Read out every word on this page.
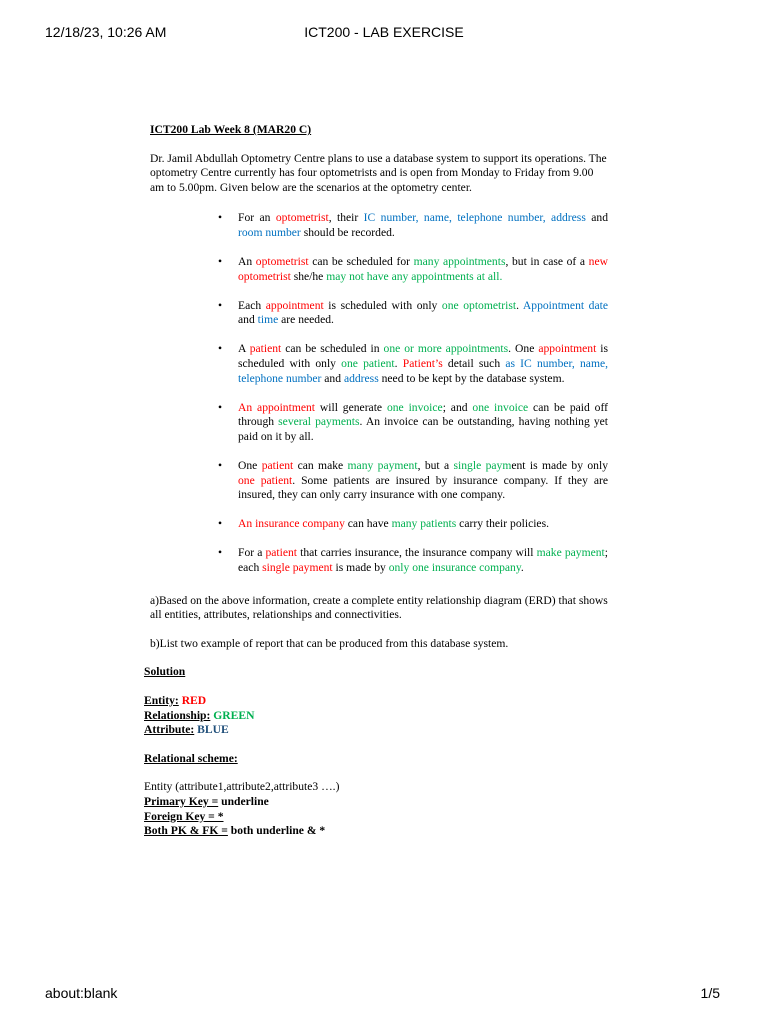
12/18/23, 10:26 AM	ICT200 - LAB EXERCISE
ICT200 Lab Week 8 (MAR20 C)
Dr. Jamil Abdullah Optometry Centre plans to use a database system to support its operations. The
optometry Centre currently has four optometrists and is open from Monday to Friday from 9.00 am to 5.00pm. Given below are the scenarios at the optometry center.
• For an optometrist, their IC number, name, telephone number, address and room number should be recorded.
• An optometrist can be scheduled for many appointments, but in case of a new optometrist she/he may not have any appointments at all.
• Each appointment is scheduled with only one optometrist. Appointment date and time are needed.
• A patient can be scheduled in one or more appointments. One appointment is scheduled with only one patient. Patient’s detail such as IC number, name, telephone number and address need to be kept by the database system.
• An appointment will generate one invoice; and one invoice can be paid off through several payments. An invoice can be outstanding, having nothing yet paid on it by all.
• One patient can make many payment, but a single payment is made by only one patient. Some patients are insured by insurance company. If they are insured, they can only carry insurance with one company.
• An insurance company can have many patients carry their policies.
• For a patient that carries insurance, the insurance company will make payment; each single payment is made by only one insurance company.
a)Based on the above information, create a complete entity relationship diagram (ERD) that shows all entities, attributes, relationships and connectivities.
b)List two example of report that can be produced from this database system.
Solution
Entity: RED
Relationship: GREEN
Attribute: BLUE
Relational scheme:
Entity (attribute1,attribute2,attribute3 ….)
Primary Key = underline
Foreign Key = *
Both PK & FK = both underline & *
about:blank	1/5
